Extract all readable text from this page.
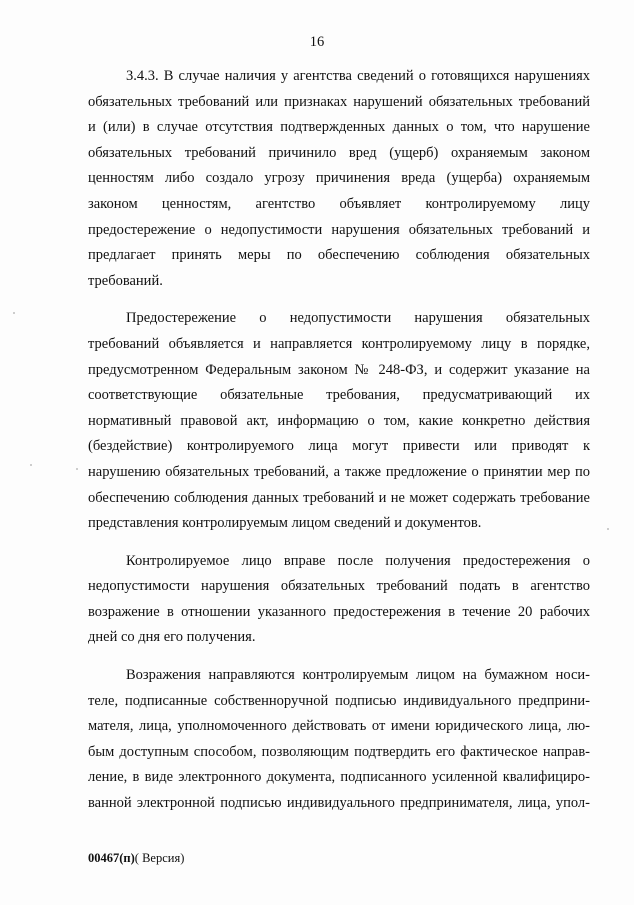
16
3.4.3. В случае наличия у агентства сведений о готовящихся нарушениях
обязательных требований или признаках нарушений обязательных требований
и (или) в случае отсутствия подтвержденных данных о том, что нарушение
обязательных требований причинило вред (ущерб) охраняемым законом
ценностям либо создало угрозу причинения вреда (ущерба) охраняемым
законом ценностям, агентство объявляет контролируемому лицу
предостережение о недопустимости нарушения обязательных требований и
предлагает принять меры по обеспечению соблюдения обязательных
требований.
Предостережение о недопустимости нарушения обязательных
требований объявляется и направляется контролируемому лицу в порядке,
предусмотренном Федеральным законом № 248-ФЗ, и содержит указание на
соответствующие обязательные требования, предусматривающий их
нормативный правовой акт, информацию о том, какие конкретно действия
(бездействие) контролируемого лица могут привести или приводят к
нарушению обязательных требований, а также предложение о принятии мер по
обеспечению соблюдения данных требований и не может содержать требование
представления контролируемым лицом сведений и документов.
Контролируемое лицо вправе после получения предостережения о
недопустимости нарушения обязательных требований подать в агентство
возражение в отношении указанного предостережения в течение 20 рабочих
дней со дня его получения.
Возражения направляются контролируемым лицом на бумажном носи-
теле, подписанные собственноручной подписью индивидуального предприни-
мателя, лица, уполномоченного действовать от имени юридического лица, лю-
бым доступным способом, позволяющим подтвердить его фактическое направ-
ление, в виде электронного документа, подписанного усиленной квалифициро-
ванной электронной подписью индивидуального предпринимателя, лица, упол-
00467(п)( Версия)
